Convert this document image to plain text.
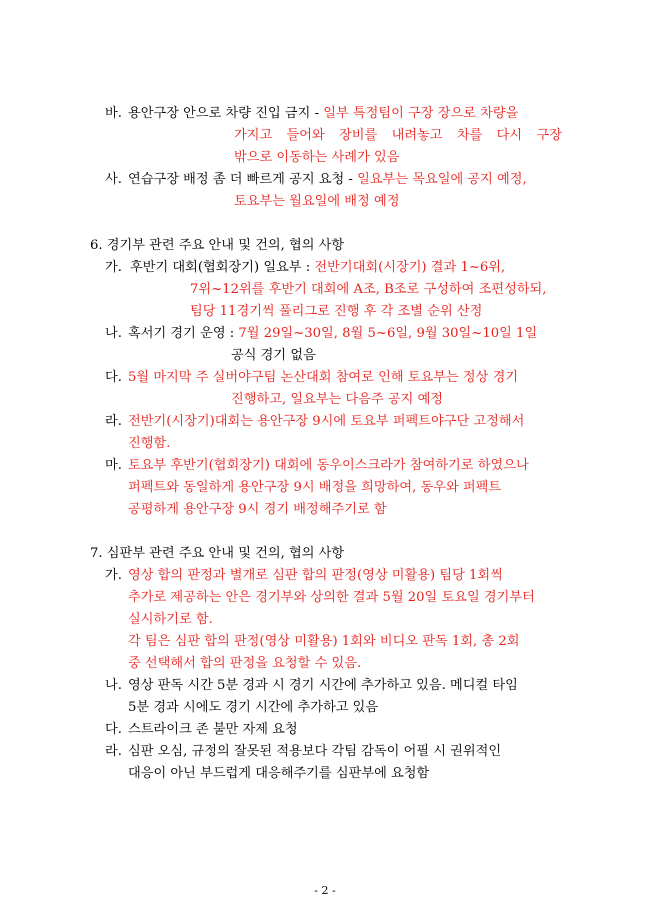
바. 용안구장 안으로 차량 진입 금지 - 일부 특정팀이 구장 장으로 차량을
가지고 들어와 장비를 내려놓고 차를 다시 구장
밖으로 이동하는 사례가 있음
사. 연습구장 배정 좀 더 빠르게 공지 요청 - 일요부는 목요일에 공지 예정,
토요부는 월요일에 배정 예정
6. 경기부 관련 주요 안내 및 건의, 협의 사항
가. 후반기 대회(협회장기) 일요부 : 전반기대회(시장기) 결과 1~6위,
7위~12위를 후반기 대회에 A조, B조로 구성하여 조편성하되,
팀당 11경기씩 풀리그로 진행 후 각 조별 순위 산정
나. 혹서기 경기 운영 : 7월 29일~30일, 8월 5~6일, 9월 30일~10일 1일
공식 경기 없음
다. 5월 마지막 주 실버야구팀 논산대회 참여로 인해 토요부는 정상 경기
진행하고, 일요부는 다음주 공지 예정
라. 전반기(시장기)대회는 용안구장 9시에 토요부 퍼펙트야구단 고정해서
진행함.
마. 토요부 후반기(협회장기) 대회에 동우이스크라가 참여하기로 하였으나
퍼펙트와 동일하게 용안구장 9시 배정을 희망하여, 동우와 퍼펙트
공평하게 용안구장 9시 경기 배정해주기로 함
7. 심판부 관련 주요 안내 및 건의, 협의 사항
가. 영상 합의 판정과 별개로 심판 합의 판정(영상 미활용) 팀당 1회씩
추가로 제공하는 안은 경기부와 상의한 결과 5월 20일 토요일 경기부터
실시하기로 함.
각 팀은 심판 합의 판정(영상 미활용) 1회와 비디오 판독 1회, 총 2회
중 선택해서 합의 판정을 요청할 수 있음.
나. 영상 판독 시간 5분 경과 시 경기 시간에 추가하고 있음. 메디컬 타임
5분 경과 시에도 경기 시간에 추가하고 있음
다. 스트라이크 존 불만 자제 요청
라. 심판 오심, 규정의 잘못된 적용보다 각팀 감독이 어필 시 권위적인
대응이 아닌 부드럽게 대응해주기를 심판부에 요청함
- 2 -
